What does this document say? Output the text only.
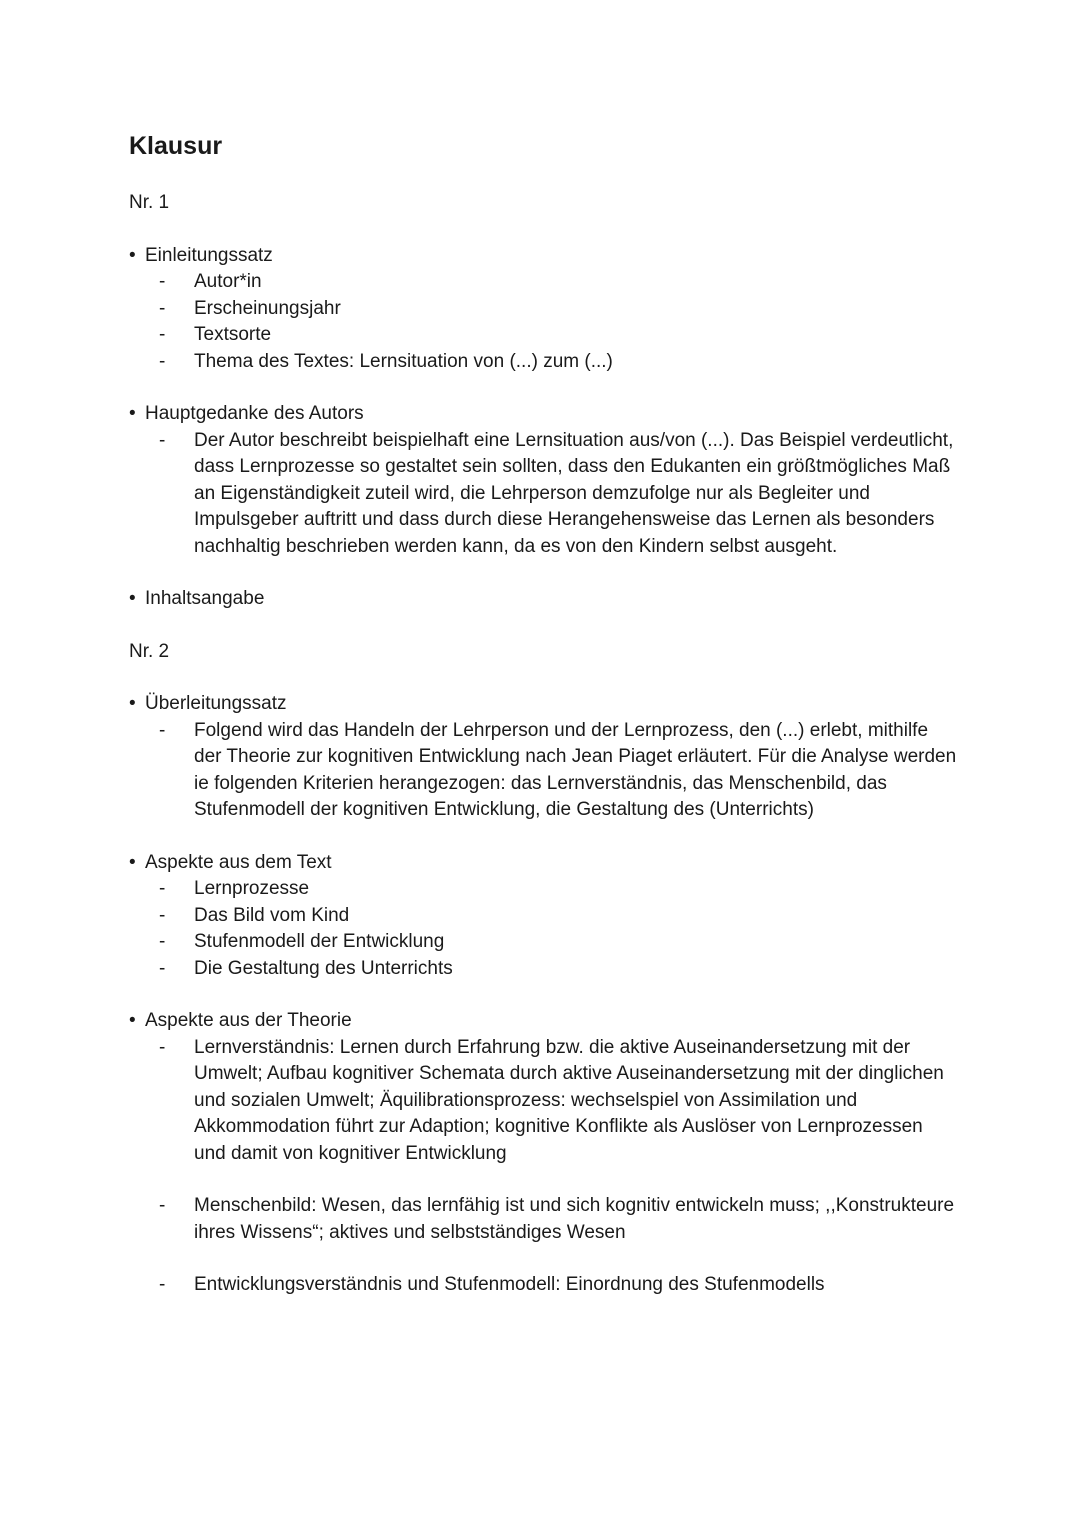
Klausur
Nr. 1
• Einleitungssatz
-	Autor*in
-	Erscheinungsjahr
-	Textsorte
-	Thema des Textes: Lernsituation von (...) zum (...)
• Hauptgedanke des Autors
-	Der Autor beschreibt beispielhaft eine Lernsituation aus/von (...). Das Beispiel verdeutlicht, dass Lernprozesse so gestaltet sein sollten, dass den Edukanten ein größtmögliches Maß an Eigenständigkeit zuteil wird, die Lehrperson demzufolge nur als Begleiter und Impulsgeber auftritt und dass durch diese Herangehensweise das Lernen als besonders nachhaltig beschrieben werden kann, da es von den Kindern selbst ausgeht.
• Inhaltsangabe
Nr. 2
• Überleitungssatz
-	Folgend wird das Handeln der Lehrperson und der Lernprozess, den (...) erlebt, mithilfe der Theorie zur kognitiven Entwicklung nach Jean Piaget erläutert. Für die Analyse werden ie folgenden Kriterien herangezogen: das Lernverständnis, das Menschenbild, das Stufenmodell der kognitiven Entwicklung, die Gestaltung des (Unterrichts)
• Aspekte aus dem Text
-	Lernprozesse
-	Das Bild vom Kind
-	Stufenmodell der Entwicklung
-	Die Gestaltung des Unterrichts
• Aspekte aus der Theorie
-	Lernverständnis: Lernen durch Erfahrung bzw. die aktive Auseinandersetzung mit der Umwelt; Aufbau kognitiver Schemata durch aktive Auseinandersetzung mit der dinglichen und sozialen Umwelt; Äquilibrationsprozess: wechselspiel von Assimilation und Akkommodation führt zur Adaption; kognitive Konflikte als Auslöser von Lernprozessen und damit von kognitiver Entwicklung
-	Menschenbild: Wesen, das lernfähig ist und sich kognitiv entwickeln muss; ,,Konstrukteure ihres Wissens“; aktives und selbstständiges Wesen
-	Entwicklungsverständnis und Stufenmodell: Einordnung des Stufenmodells
